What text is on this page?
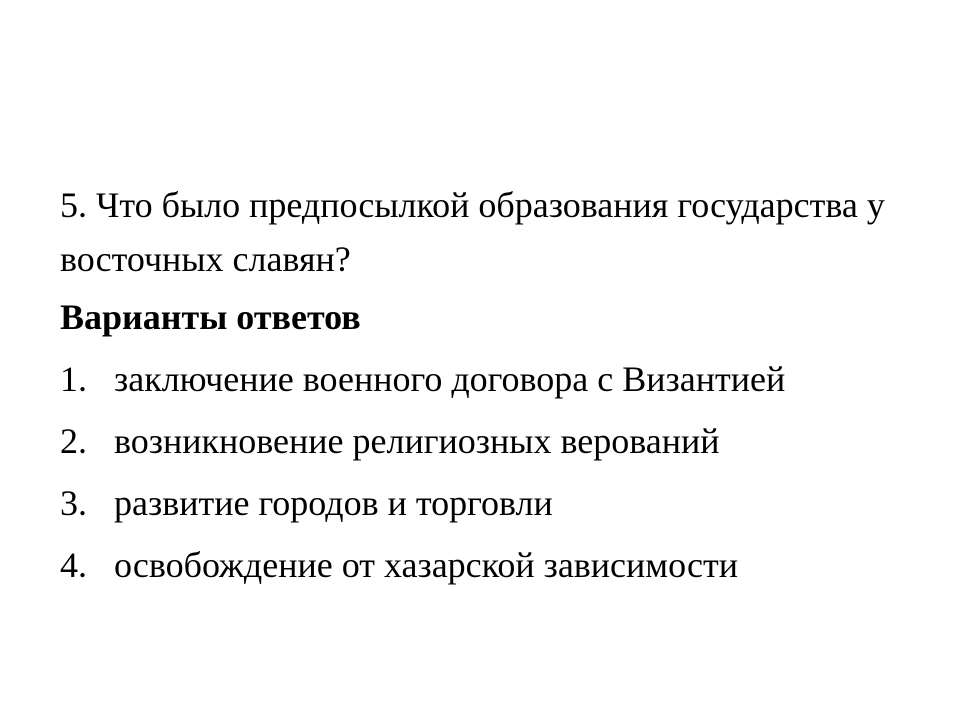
5. Что было предпосылкой образования государства у восточных славян?
Варианты ответов
1. заключение военного договора с Византией
2. возникновение религиозных верований
3. развитие городов и торговли
4. освобождение от хазарской зависимости
